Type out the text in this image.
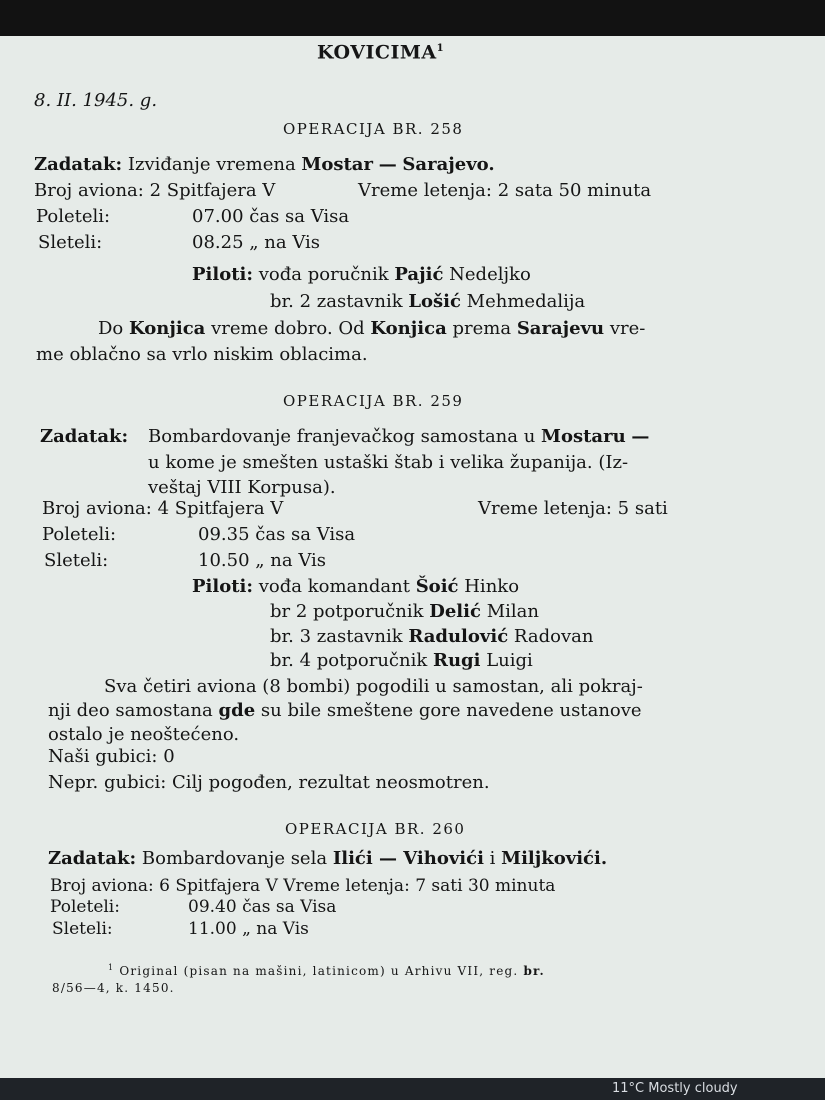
KOVICIMA$^1$
8. II. 1945. g.
OPERACIJA BR. 258
Zadatak: Izviđanje vremena Mostar — Sarajevo.
Broj aviona: 2 Spitfajera V	Vreme letenja: 2 sata 50 minuta
Poleteli:	07.00 čas sa Visa
Sleteli:	08.25 „ na Vis
Piloti: vođa poručnik Pajić Nedeljko
br. 2 zastavnik Lošić Mehmedalija
Do Konjica vreme dobro. Od Konjica prema Sarajevu vre-
me oblačno sa vrlo niskim oblacima.
OPERACIJA BR. 259
Zadatak: Bombardovanje franjevačkog samostana u Mostaru —
u kome je smešten ustaški štab i velika županija. (Iz-
veštaj VIII Korpusa).
Broj aviona: 4 Spitfajera V	Vreme letenja: 5 sati
Poleteli:	09.35 čas sa Visa
Sleteli:	10.50 „ na Vis
Piloti: vođa komandant Šoić Hinko
br 2 potporučnik Delić Milan
br. 3 zastavnik Radulović Radovan
br. 4 potporučnik Rugi Luigi
Sva četiri aviona (8 bombi) pogodili u samostan, ali pokraj-
nji deo samostana gde su bile smeštene gore navedene ustanove
ostalo je neoštećeno.
Naši gubici: 0
Nepr. gubici: Cilj pogođen, rezultat neosmotren.
OPERACIJA BR. 260
Zadatak: Bombardovanje sela Ilići — Vihovići i Miljkovići.
Broj aviona: 6 Spitfajera V Vreme letenja: 7 sati 30 minuta
Poleteli:	09.40 čas sa Visa
Sleteli:	11.00 „ na Vis
$^1$ Original (pisan na mašini, latinicom) u Arhivu VII, reg. br.
8/56—4, k. 1450.
11°C Mostly cloudy
